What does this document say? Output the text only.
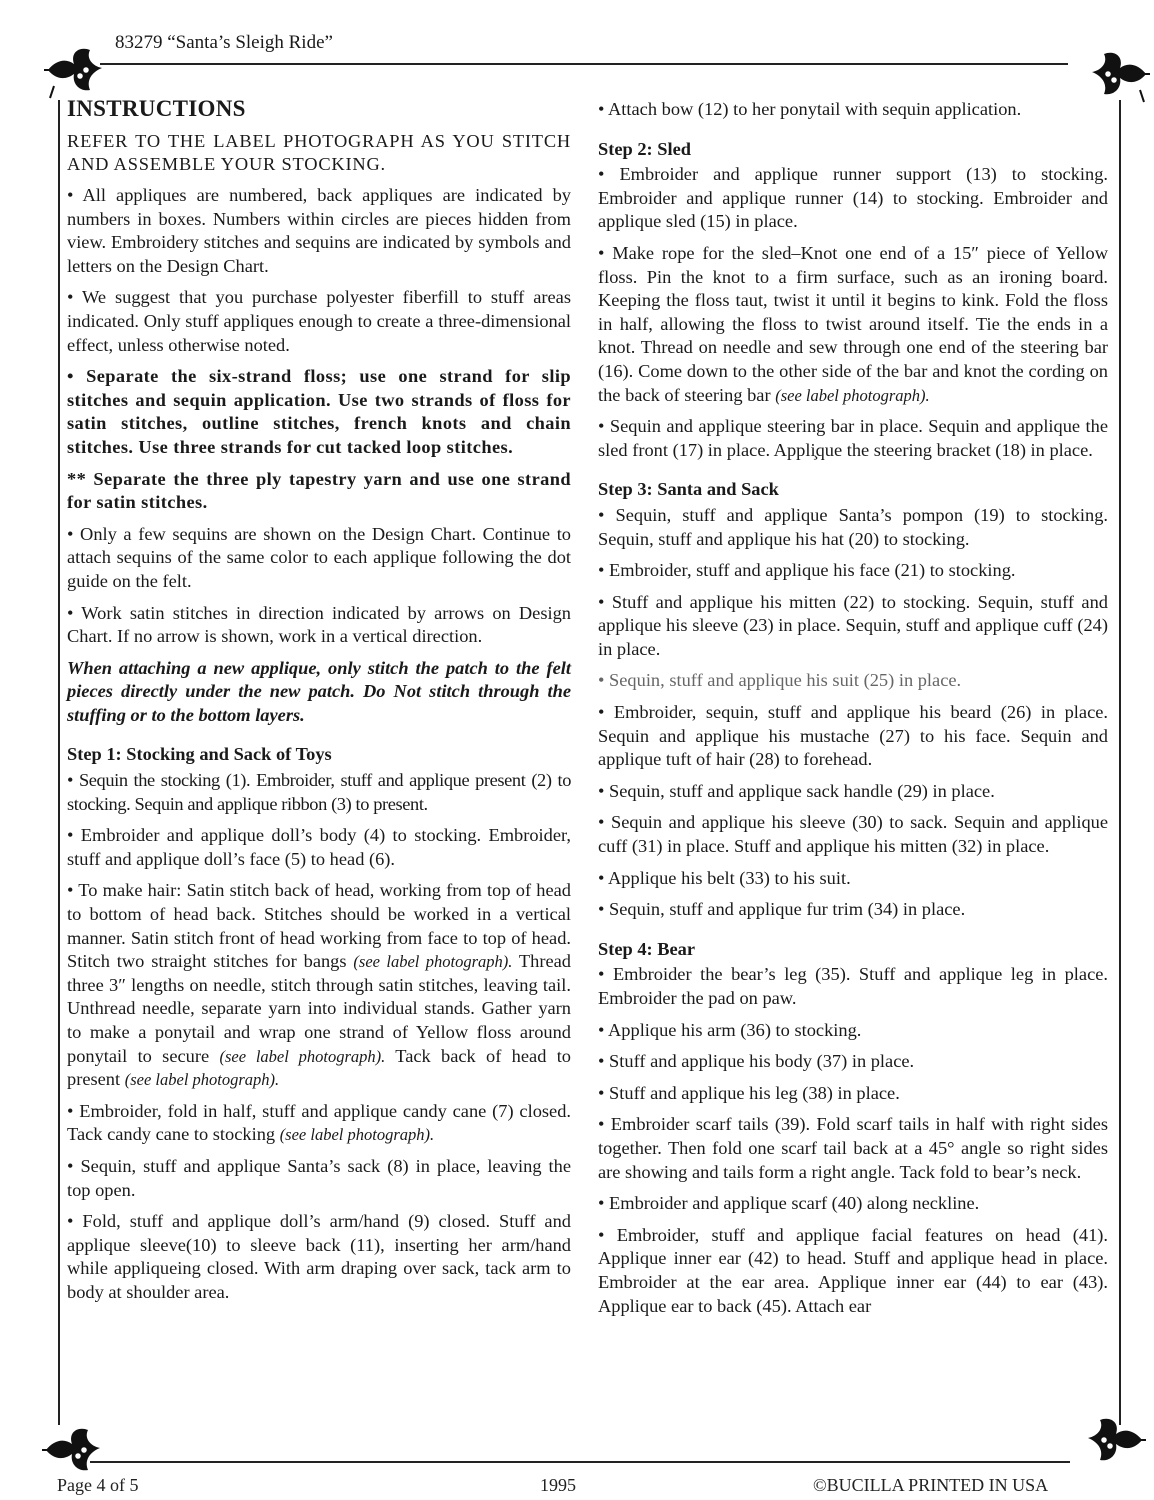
83279 “Santa’s Sleigh Ride”

INSTRUCTIONS

REFER TO THE LABEL PHOTOGRAPH AS YOU STITCH AND ASSEMBLE YOUR STOCKING.

• All appliques are numbered, back appliques are indicated by numbers in boxes. Numbers within circles are pieces hidden from view. Embroidery stitches and sequins are indicated by symbols and letters on the Design Chart.

• We suggest that you purchase polyester fiberfill to stuff areas indicated. Only stuff appliques enough to create a three-dimensional effect, unless otherwise noted.

• Separate the six-strand floss; use one strand for slip stitches and sequin application. Use two strands of floss for satin stitches, outline stitches, french knots and chain stitches. Use three strands for cut tacked loop stitches.

** Separate the three ply tapestry yarn and use one strand for satin stitches.

• Only a few sequins are shown on the Design Chart. Continue to attach sequins of the same color to each applique following the dot guide on the felt.

• Work satin stitches in direction indicated by arrows on Design Chart. If no arrow is shown, work in a vertical direction.

When attaching a new applique, only stitch the patch to the felt pieces directly under the new patch. Do Not stitch through the stuffing or to the bottom layers.

Step 1: Stocking and Sack of Toys

• Sequin the stocking (1). Embroider, stuff and applique present (2) to stocking. Sequin and applique ribbon (3) to present.

• Embroider and applique doll’s body (4) to stocking. Embroider, stuff and applique doll’s face (5) to head (6).

• To make hair: Satin stitch back of head, working from top of head to bottom of head back. Stitches should be worked in a vertical manner. Satin stitch front of head working from face to top of head. Stitch two straight stitches for bangs (see label photograph). Thread three 3″ lengths on needle, stitch through satin stitches, leaving tail. Unthread needle, separate yarn into individual stands. Gather yarn to make a ponytail and wrap one strand of Yellow floss around ponytail to secure (see label photograph). Tack back of head to present (see label photograph).

• Embroider, fold in half, stuff and applique candy cane (7) closed. Tack candy cane to stocking (see label photograph).

• Sequin, stuff and applique Santa’s sack (8) in place, leaving the top open.

• Fold, stuff and applique doll’s arm/hand (9) closed. Stuff and applique sleeve(10) to sleeve back (11), inserting her arm/hand while appliqueing closed. With arm draping over sack, tack arm to body at shoulder area.

• Attach bow (12) to her ponytail with sequin application.

Step 2: Sled

• Embroider and applique runner support (13) to stocking. Embroider and applique runner (14) to stocking. Embroider and applique sled (15) in place.

• Make rope for the sled–Knot one end of a 15″ piece of Yellow floss. Pin the knot to a firm surface, such as an ironing board. Keeping the floss taut, twist it until it begins to kink. Fold the floss in half, allowing the floss to twist around itself. Tie the ends in a knot. Thread on needle and sew through one end of the steering bar (16). Come down to the other side of the bar and knot the cording on the back of steering bar (see label photograph).

• Sequin and applique steering bar in place. Sequin and applique the sled front (17) in place. Appli̧que the steering bracket (18) in place.

Step 3: Santa and Sack

• Sequin, stuff and applique Santa’s pompon (19) to stocking. Sequin, stuff and applique his hat (20) to stocking.

• Embroider, stuff and applique his face (21) to stocking.

• Stuff and applique his mitten (22) to stocking. Sequin, stuff and applique his sleeve (23) in place. Sequin, stuff and applique cuff (24) in place.

• Sequin, stuff and applique his suit (25) in place.

• Embroider, sequin, stuff and applique his beard (26) in place. Sequin and applique his mustache (27) to his face. Sequin and applique tuft of hair (28) to forehead.

• Sequin, stuff and applique sack handle (29) in place.

• Sequin and applique his sleeve (30) to sack. Sequin and applique cuff (31) in place. Stuff and applique his mitten (32) in place.

• Applique his belt (33) to his suit.

• Sequin, stuff and applique fur trim (34) in place.

Step 4: Bear

• Embroider the bear’s leg (35). Stuff and applique leg in place. Embroider the pad on paw.

• Applique his arm (36) to stocking.

• Stuff and applique his body (37) in place.

• Stuff and applique his leg (38) in place.

• Embroider scarf tails (39). Fold scarf tails in half with right sides together. Then fold one scarf tail back at a 45° angle so right sides are showing and tails form a right angle. Tack fold to bear’s neck.

• Embroider and applique scarf (40) along neckline.

• Embroider, stuff and applique facial features on head (41). Applique inner ear (42) to head. Stuff and applique head in place. Embroider at the ear area. Applique inner ear (44) to ear (43). Applique ear to back (45). Attach ear

Page 4 of 5	1995	©BUCILLA PRINTED IN USA
